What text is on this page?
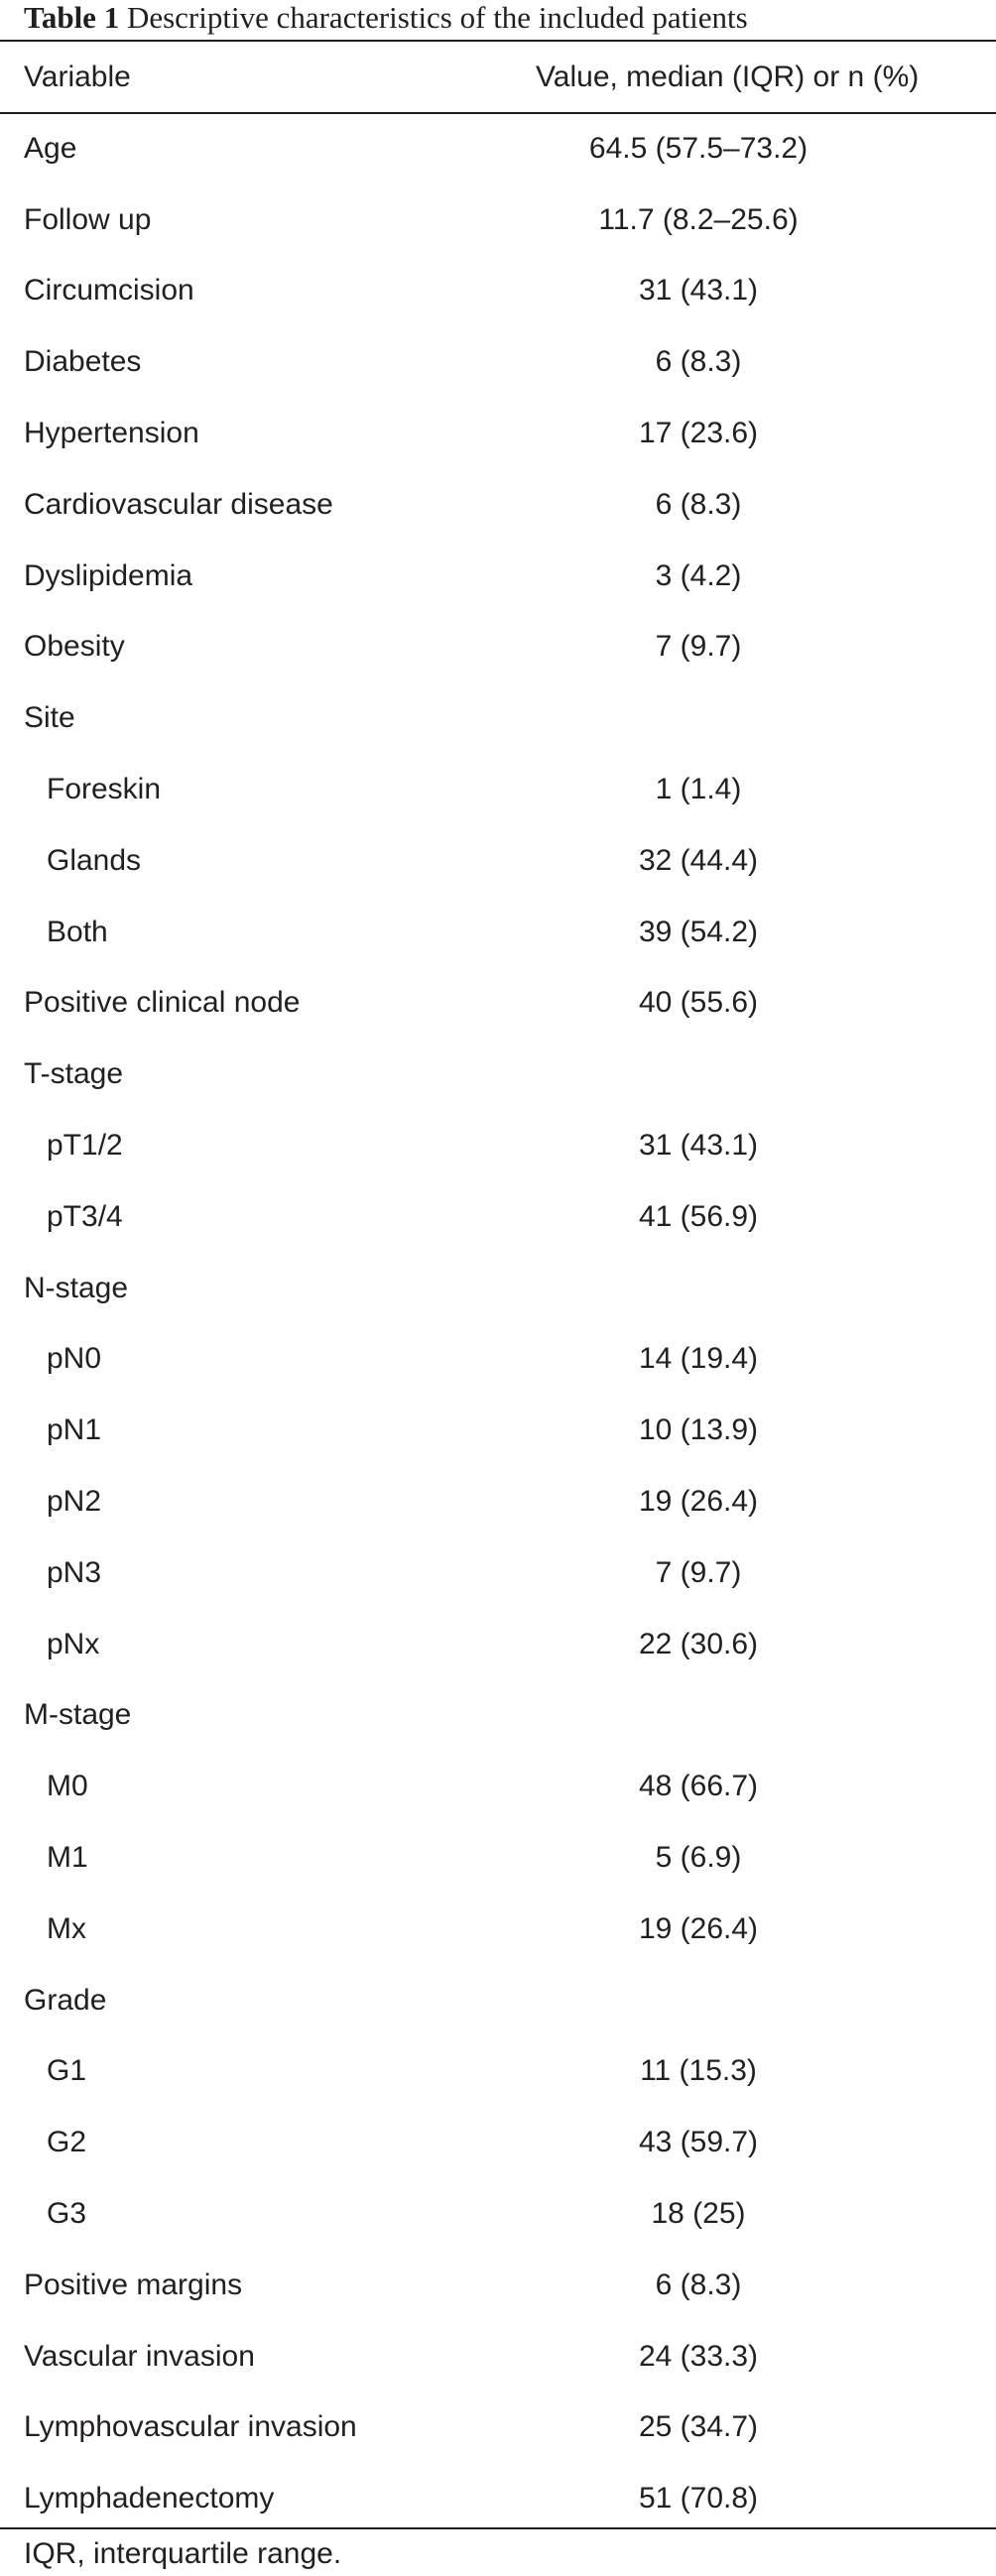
Table 1 Descriptive characteristics of the included patients
Variable	Value, median (IQR) or n (%)
Age	64.5 (57.5–73.2)
Follow up	11.7 (8.2–25.6)
Circumcision	31 (43.1)
Diabetes	6 (8.3)
Hypertension	17 (23.6)
Cardiovascular disease	6 (8.3)
Dyslipidemia	3 (4.2)
Obesity	7 (9.7)
Site
Foreskin	1 (1.4)
Glands	32 (44.4)
Both	39 (54.2)
Positive clinical node	40 (55.6)
T-stage
pT1/2	31 (43.1)
pT3/4	41 (56.9)
N-stage
pN0	14 (19.4)
pN1	10 (13.9)
pN2	19 (26.4)
pN3	7 (9.7)
pNx	22 (30.6)
M-stage
M0	48 (66.7)
M1	5 (6.9)
Mx	19 (26.4)
Grade
G1	11 (15.3)
G2	43 (59.7)
G3	18 (25)
Positive margins	6 (8.3)
Vascular invasion	24 (33.3)
Lymphovascular invasion	25 (34.7)
Lymphadenectomy	51 (70.8)
IQR, interquartile range.
